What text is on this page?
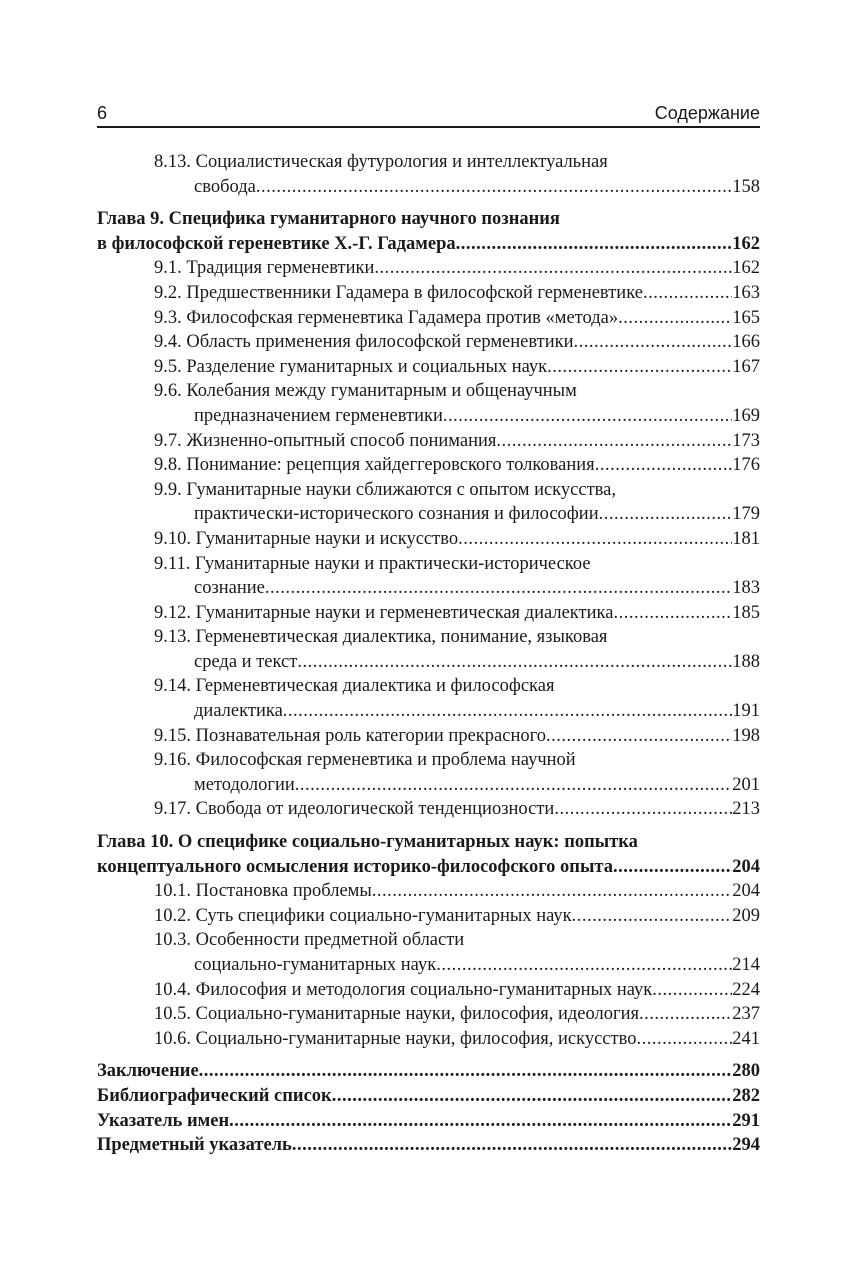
6	Содержание
8.13. Социалистическая футурология и интеллектуальная
свобода .....	158
Глава 9. Специфика гуманитарного научного познания
в философской гереневтике Х.-Г. Гадамера .....	162
9.1. Традиция герменевтики .....	162
9.2. Предшественники Гадамера в философской герменевтике .....	163
9.3. Философская герменевтика Гадамера против «метода» .....	165
9.4. Область применения философской герменевтики .....	166
9.5. Разделение гуманитарных и социальных наук .....	167
9.6. Колебания между гуманитарным и общенаучным
предназначением герменевтики .....	169
9.7. Жизненно-опытный способ понимания .....	173
9.8. Понимание: рецепция хайдеггеровского толкования .....	176
9.9. Гуманитарные науки сближаются с опытом искусства,
практически-исторического сознания и философии .....	179
9.10. Гуманитарные науки и искусство .....	181
9.11. Гуманитарные науки и практически-историческое
сознание .....	183
9.12. Гуманитарные науки и герменевтическая диалектика .....	185
9.13. Герменевтическая диалектика, понимание, языковая
среда и текст .....	188
9.14. Герменевтическая диалектика и философская
диалектика .....	191
9.15. Познавательная роль категории прекрасного .....	198
9.16. Философская герменевтика и проблема научной
методологии .....	201
9.17. Свобода от идеологической тенденциозности .....	213
Глава 10. О специфике социально-гуманитарных наук: попытка
концептуального осмысления историко-философского опыта .....	204
10.1. Постановка проблемы .....	204
10.2. Суть специфики социально-гуманитарных наук .....	209
10.3. Особенности предметной области
социально-гуманитарных наук .....	214
10.4. Философия и методология социально-гуманитарных наук .....	224
10.5. Социально-гуманитарные науки, философия, идеология .....	237
10.6. Социально-гуманитарные науки, философия, искусство .....	241
Заключение .....	280
Библиографический список .....	282
Указатель имен .....	291
Предметный указатель .....	294
